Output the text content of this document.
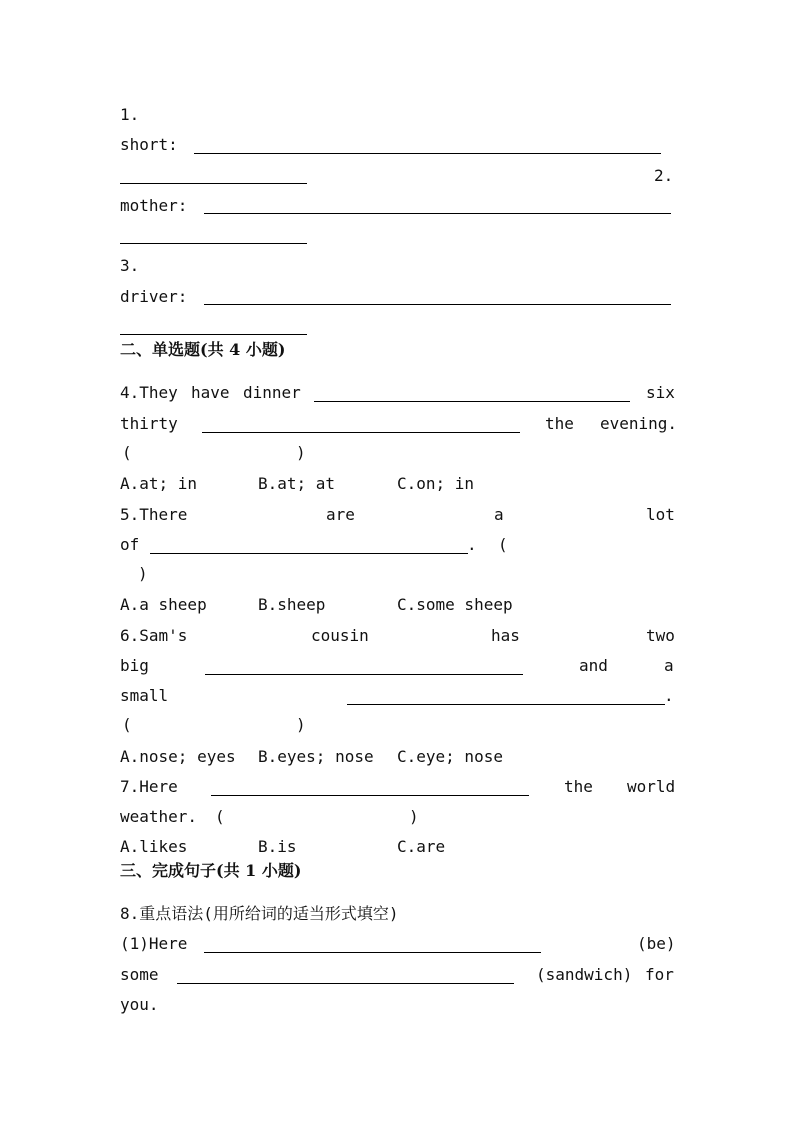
1.
short:
2.
mother:
3.
driver:
二、单选题(共 4 小题)
4.They have dinner	six
thirty	the evening.
(	)
A.at; in	B.at; at	C.on; in
5.There	are	a	lot
of	. (
)
A.a sheep	B.sheep	C.some sheep
6.Sam's	cousin	has	two
big	and	a
small	.
(	)
A.nose; eyes B.eyes; nose C.eye; nose
7.Here	the world
weather. (	)
A.likes	B.is	C.are
三、完成句子(共 1 小题)
8.重点语法(用所给词的适当形式填空)
(1)Here	(be)
some	(sandwich) for
you.
